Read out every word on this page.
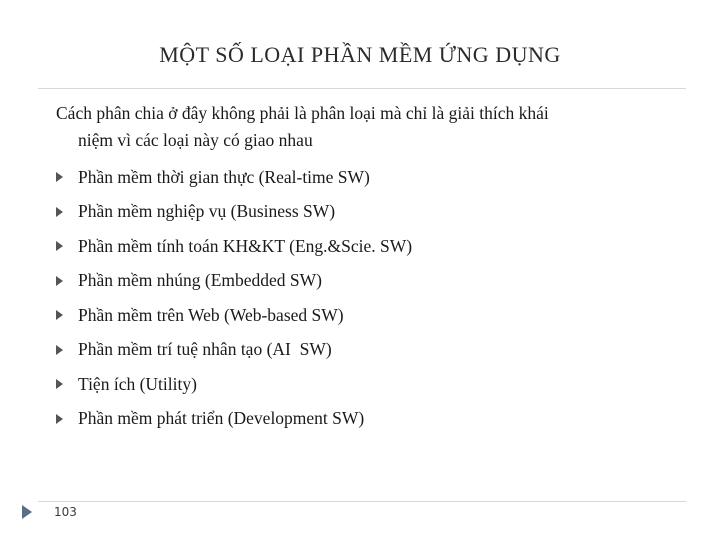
MỘT SỐ LOẠI PHẦN MỀM ỨNG DỤNG
Cách phân chia ở đây không phải là phân loại mà chỉ là giải thích khái
niệm vì các loại này có giao nhau
Phần mềm thời gian thực (Real-time SW)
Phần mềm nghiệp vụ (Business SW)
Phần mềm tính toán KH&KT (Eng.&Scie. SW)
Phần mềm nhúng (Embedded SW)
Phần mềm trên Web (Web-based SW)
Phần mềm trí tuệ nhân tạo (AI  SW)
Tiện ích (Utility)
Phần mềm phát triển (Development SW)
103
